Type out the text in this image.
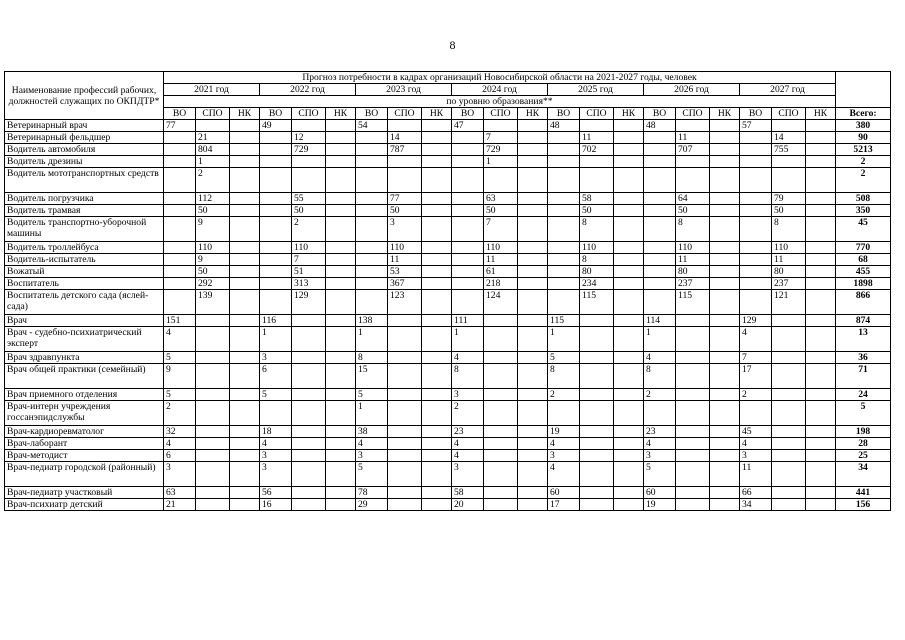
8
Наименование профессий рабочих, должностей служащих по ОКПДТР*	Прогноз потребности в кадрах организаций Новосибирской области на 2021-2027 годы, человек																					
	2021 год			2022 год			2023 год			2024 год			2025 год			2026 год			2027 год			
	по уровню образования**																					
	ВО	СПО	НК	ВО	СПО	НК	ВО	СПО	НК	ВО	СПО	НК	ВО	СПО	НК	ВО	СПО	НК	ВО	СПО	НК	Всего:
Ветеринарный врач	77			49			54			47			48			48			57			380
Ветеринарный фельдшер		21			12			14			7			11			11			14		90
Водитель автомобиля		804			729			787			729			702			707			755		5213
Водитель дрезины		1									1											2
Водитель мототранспортных средств		2																				2
Водитель погрузчика		112			55			77			63			58			64			79		508
Водитель трамвая		50			50			50			50			50			50			50		350
Водитель транспортно-уборочной машины		9			2			3			7			8			8			8		45
Водитель троллейбуса		110			110			110			110			110			110			110		770
Водитель-испытатель		9			7			11			11			8			11			11		68
Вожатый		50			51			53			61			80			80			80		455
Воспитатель		292			313			367			218			234			237			237		1898
Воспитатель детского сада (яслей-сада)		139			129			123			124			115			115			121		866
Врач	151			116			138			111			115			114			129			874
Врач - судебно-психиатрический эксперт	4			1			1			1			1			1			4			13
Врач здравпункта	5			3			8			4			5			4			7			36
Врач общей практики (семейный)	9			6			15			8			8			8			17			71
Врач приемного отделения	5			5			5			3			2			2			2			24
Врач-интерн учреждения госсанэпидслужбы	2						1			2												5
Врач-кардиоревматолог	32			18			38			23			19			23			45			198
Врач-лаборант	4			4			4			4			4			4			4			28
Врач-методист	6			3			3			4			3			3			3			25
Врач-педиатр городской (районный)	3			3			5			3			4			5			11			34
Врач-педиатр участковый	63			56			78			58			60			60			66			441
Врач-психиатр детский	21			16			29			20			17			19			34			156
